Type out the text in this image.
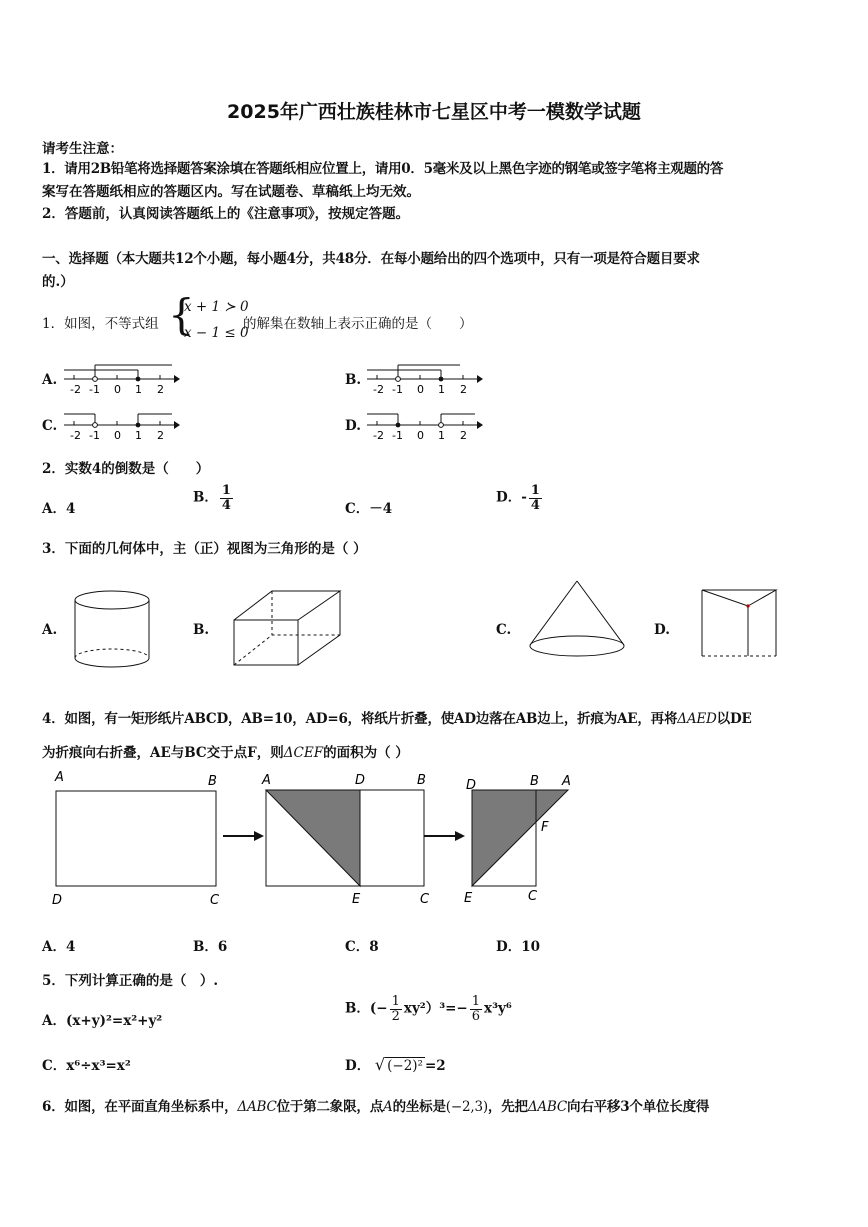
2025年广西壮族桂林市七星区中考一模数学试题
请考生注意：
1．请用2B铅笔将选择题答案涂填在答题纸相应位置上，请用0．5毫米及以上黑色字迹的钢笔或签字笔将主观题的答
案写在答题纸相应的答题区内。写在试题卷、草稿纸上均无效。
2．答题前，认真阅读答题纸上的《注意事项》，按规定答题。
一、选择题（本大题共12个小题，每小题4分，共48分．在每小题给出的四个选项中，只有一项是符合题目要求
的.）
1．如图，不等式组 {
x + 1 ≻ 0
x − 1 ≤ 0
的解集在数轴上表示正确的是（　　）
A.	B.
C.	D.
-2 -1 0 1 2	-2 -1 0 1 2
-2 -1 0 1 2	-2 -1 0 1 2
2．实数4的倒数是（　　）
A．4
B． $\frac{1}{4}$	C．－4
D．- $\frac{1}{4}$
3．下面的几何体中，主（正）视图为三角形的是（ ）
A.	B.	C.	D.
4．如图，有一矩形纸片ABCD，AB=10，AD=6，将纸片折叠，使AD边落在AB边上，折痕为AE，再将ΔAED以DE
为折痕向右折叠，AE与BC交于点F，则ΔCEF的面积为（ ）
A	B
D	C
A	D	B
E	C
D	B A
F
E	C
A．4	B．6	C．8	D．10
5．下列计算正确的是（　）.
A．(x+y)²=x²+y²
B．(− $\frac{1}{2} xy^2)^3=- \frac{1}{6} x^3y^6$
C．x⁶÷x³=x²	D． √ (−2)² =2
6．如图，在平面直角坐标系中，ΔABC位于第二象限，点A的坐标是(−2,3)，先把ΔABC向右平移3个单位长度得
